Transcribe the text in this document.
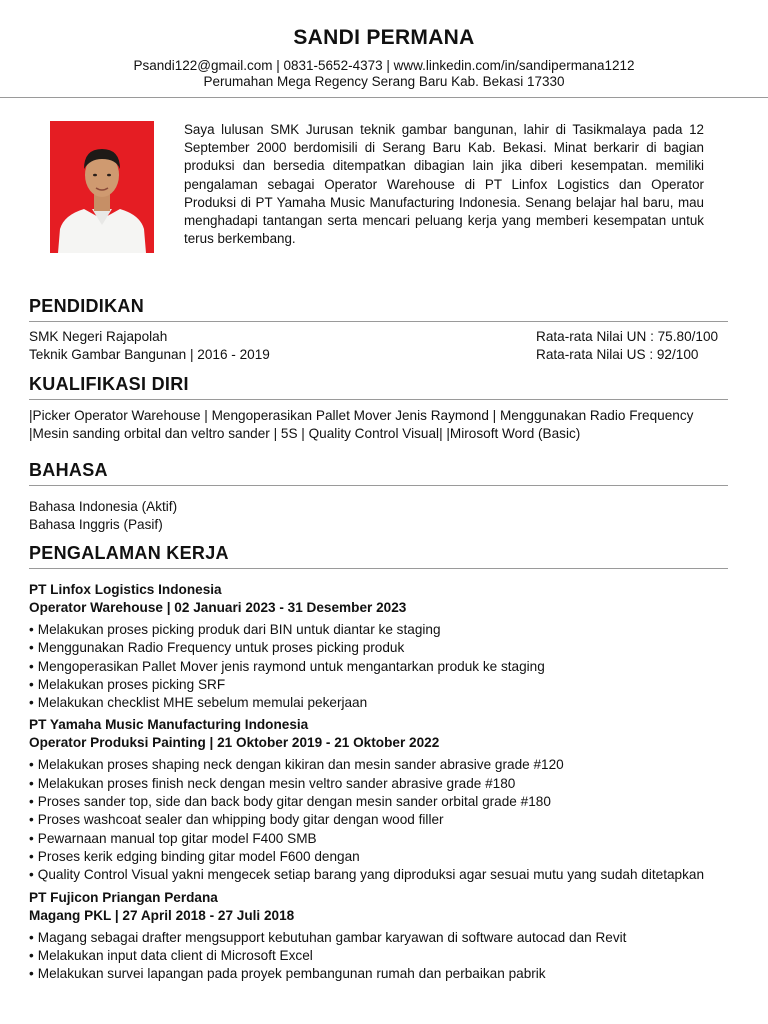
SANDI PERMANA
Psandi122@gmail.com | 0831-5652-4373 | www.linkedin.com/in/sandipermana1212
Perumahan Mega Regency Serang Baru Kab. Bekasi 17330
Saya lulusan SMK Jurusan teknik gambar bangunan, lahir di Tasikmalaya pada 12 September 2000 berdomisili di Serang Baru Kab. Bekasi. Minat berkarir di bagian produksi dan bersedia ditempatkan dibagian lain jika diberi kesempatan. memiliki pengalaman sebagai Operator Warehouse di PT Linfox Logistics dan Operator Produksi di PT Yamaha Music Manufacturing Indonesia. Senang belajar hal baru, mau menghadapi tantangan serta mencari peluang kerja yang memberi kesempatan untuk terus berkembang.
PENDIDIKAN
SMK Negeri Rajapolah	Rata-rata Nilai UN : 75.80/100
Teknik Gambar Bangunan | 2016 - 2019	Rata-rata Nilai US : 92/100
KUALIFIKASI DIRI
|Picker Operator Warehouse | Mengoperasikan Pallet Mover Jenis Raymond | Menggunakan Radio Frequency
|Mesin sanding orbital dan veltro sander | 5S | Quality Control Visual| |Mirosoft Word (Basic)
BAHASA
Bahasa Indonesia (Aktif)
Bahasa Inggris (Pasif)
PENGALAMAN KERJA
PT Linfox Logistics Indonesia
Operator Warehouse | 02 Januari 2023 - 31 Desember 2023
• Melakukan proses picking produk dari BIN untuk diantar ke staging
• Menggunakan Radio Frequency untuk proses picking produk
• Mengoperasikan Pallet Mover jenis raymond untuk mengantarkan produk ke staging
• Melakukan proses picking SRF
• Melakukan checklist MHE sebelum memulai pekerjaan
PT Yamaha Music Manufacturing Indonesia
Operator Produksi Painting | 21 Oktober 2019 - 21 Oktober 2022
• Melakukan proses shaping neck dengan kikiran dan mesin sander abrasive grade #120
• Melakukan proses finish neck dengan mesin veltro sander abrasive grade #180
• Proses sander top, side dan back body gitar dengan mesin sander orbital grade #180
• Proses washcoat sealer dan whipping body gitar dengan wood filler
• Pewarnaan manual top gitar model F400 SMB
• Proses kerik edging binding gitar model F600 dengan
• Quality Control Visual yakni mengecek setiap barang yang diproduksi agar sesuai mutu yang sudah ditetapkan
PT Fujicon Priangan Perdana
Magang PKL | 27 April 2018 - 27 Juli 2018
• Magang sebagai drafter mengsupport kebutuhan gambar karyawan di software autocad dan Revit
• Melakukan input data client di Microsoft Excel
• Melakukan survei lapangan pada proyek pembangunan rumah dan perbaikan pabrik
